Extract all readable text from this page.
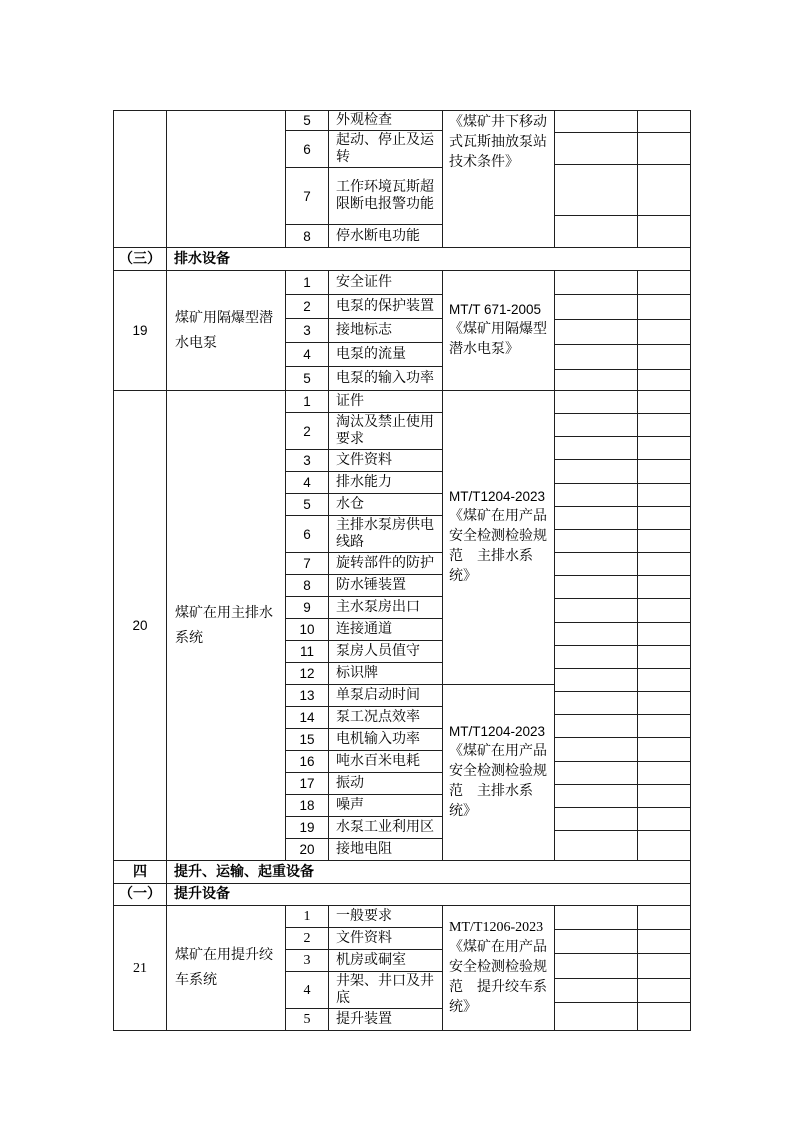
		5	外观检查	《煤矿井下移动式瓦斯抽放泵站技术条件》	

		6	起动、停止及运转			
		7	工作环境瓦斯超限断电报警功能			
		8	停水断电功能			
（三）	排水设备					
19	煤矿用隔爆型潜水电泵	1	安全证件	MT/T 671-2005
《煤矿用隔爆型潜水电泵》	

		2	电泵的保护装置			
		3	接地标志			
		4	电泵的流量			
		5	电泵的输入功率			
20	煤矿在用主排水系统	1	证件	MT/T1204-2023
《煤矿在用产品安全检测检验规范　主排水系统》	

		2	淘汰及禁止使用要求			
		3	文件资料			
		4	排水能力			
		5	水仓			
		6	主排水泵房供电线路			
		7	旋转部件的防护			
		8	防水锤装置			
		9	主水泵房出口			
		10	连接通道			
		11	泵房人员值守			
		12	标识牌			
		13	单泵启动时间	MT/T1204-2023
《煤矿在用产品安全检测检验规范　主排水系统》		
		14	泵工况点效率			
		15	电机输入功率			
		16	吨水百米电耗			
		17	振动			
		18	噪声			
		19	水泵工业利用区			
		20	接地电阻			
四	提升、运输、起重设备					
（一）	提升设备					
21	煤矿在用提升绞车系统	1	一般要求	MT/T1206-2023
《煤矿在用产品安全检测检验规范　提升绞车系统》	

		2	文件资料			
		3	机房或硐室			
		4	井架、井口及井底			
		5	提升装置			
